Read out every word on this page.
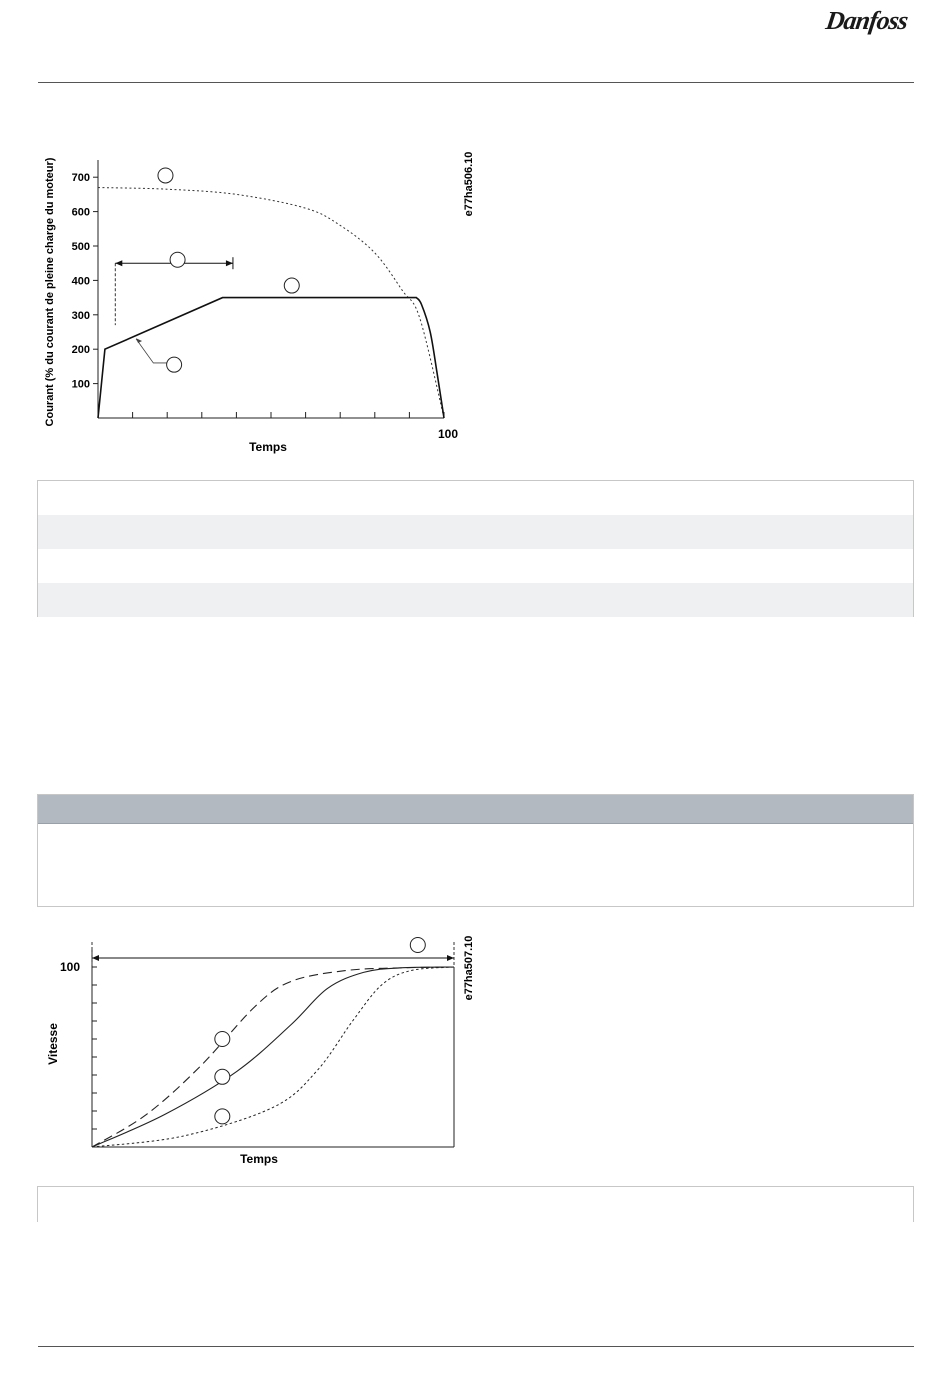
Danfoss
100
200
300
400
500
600
700
Courant (% du courant de pleine charge du moteur)
Temps
100
e77ha506.10
Vitesse
Temps
100	e77ha507.10
